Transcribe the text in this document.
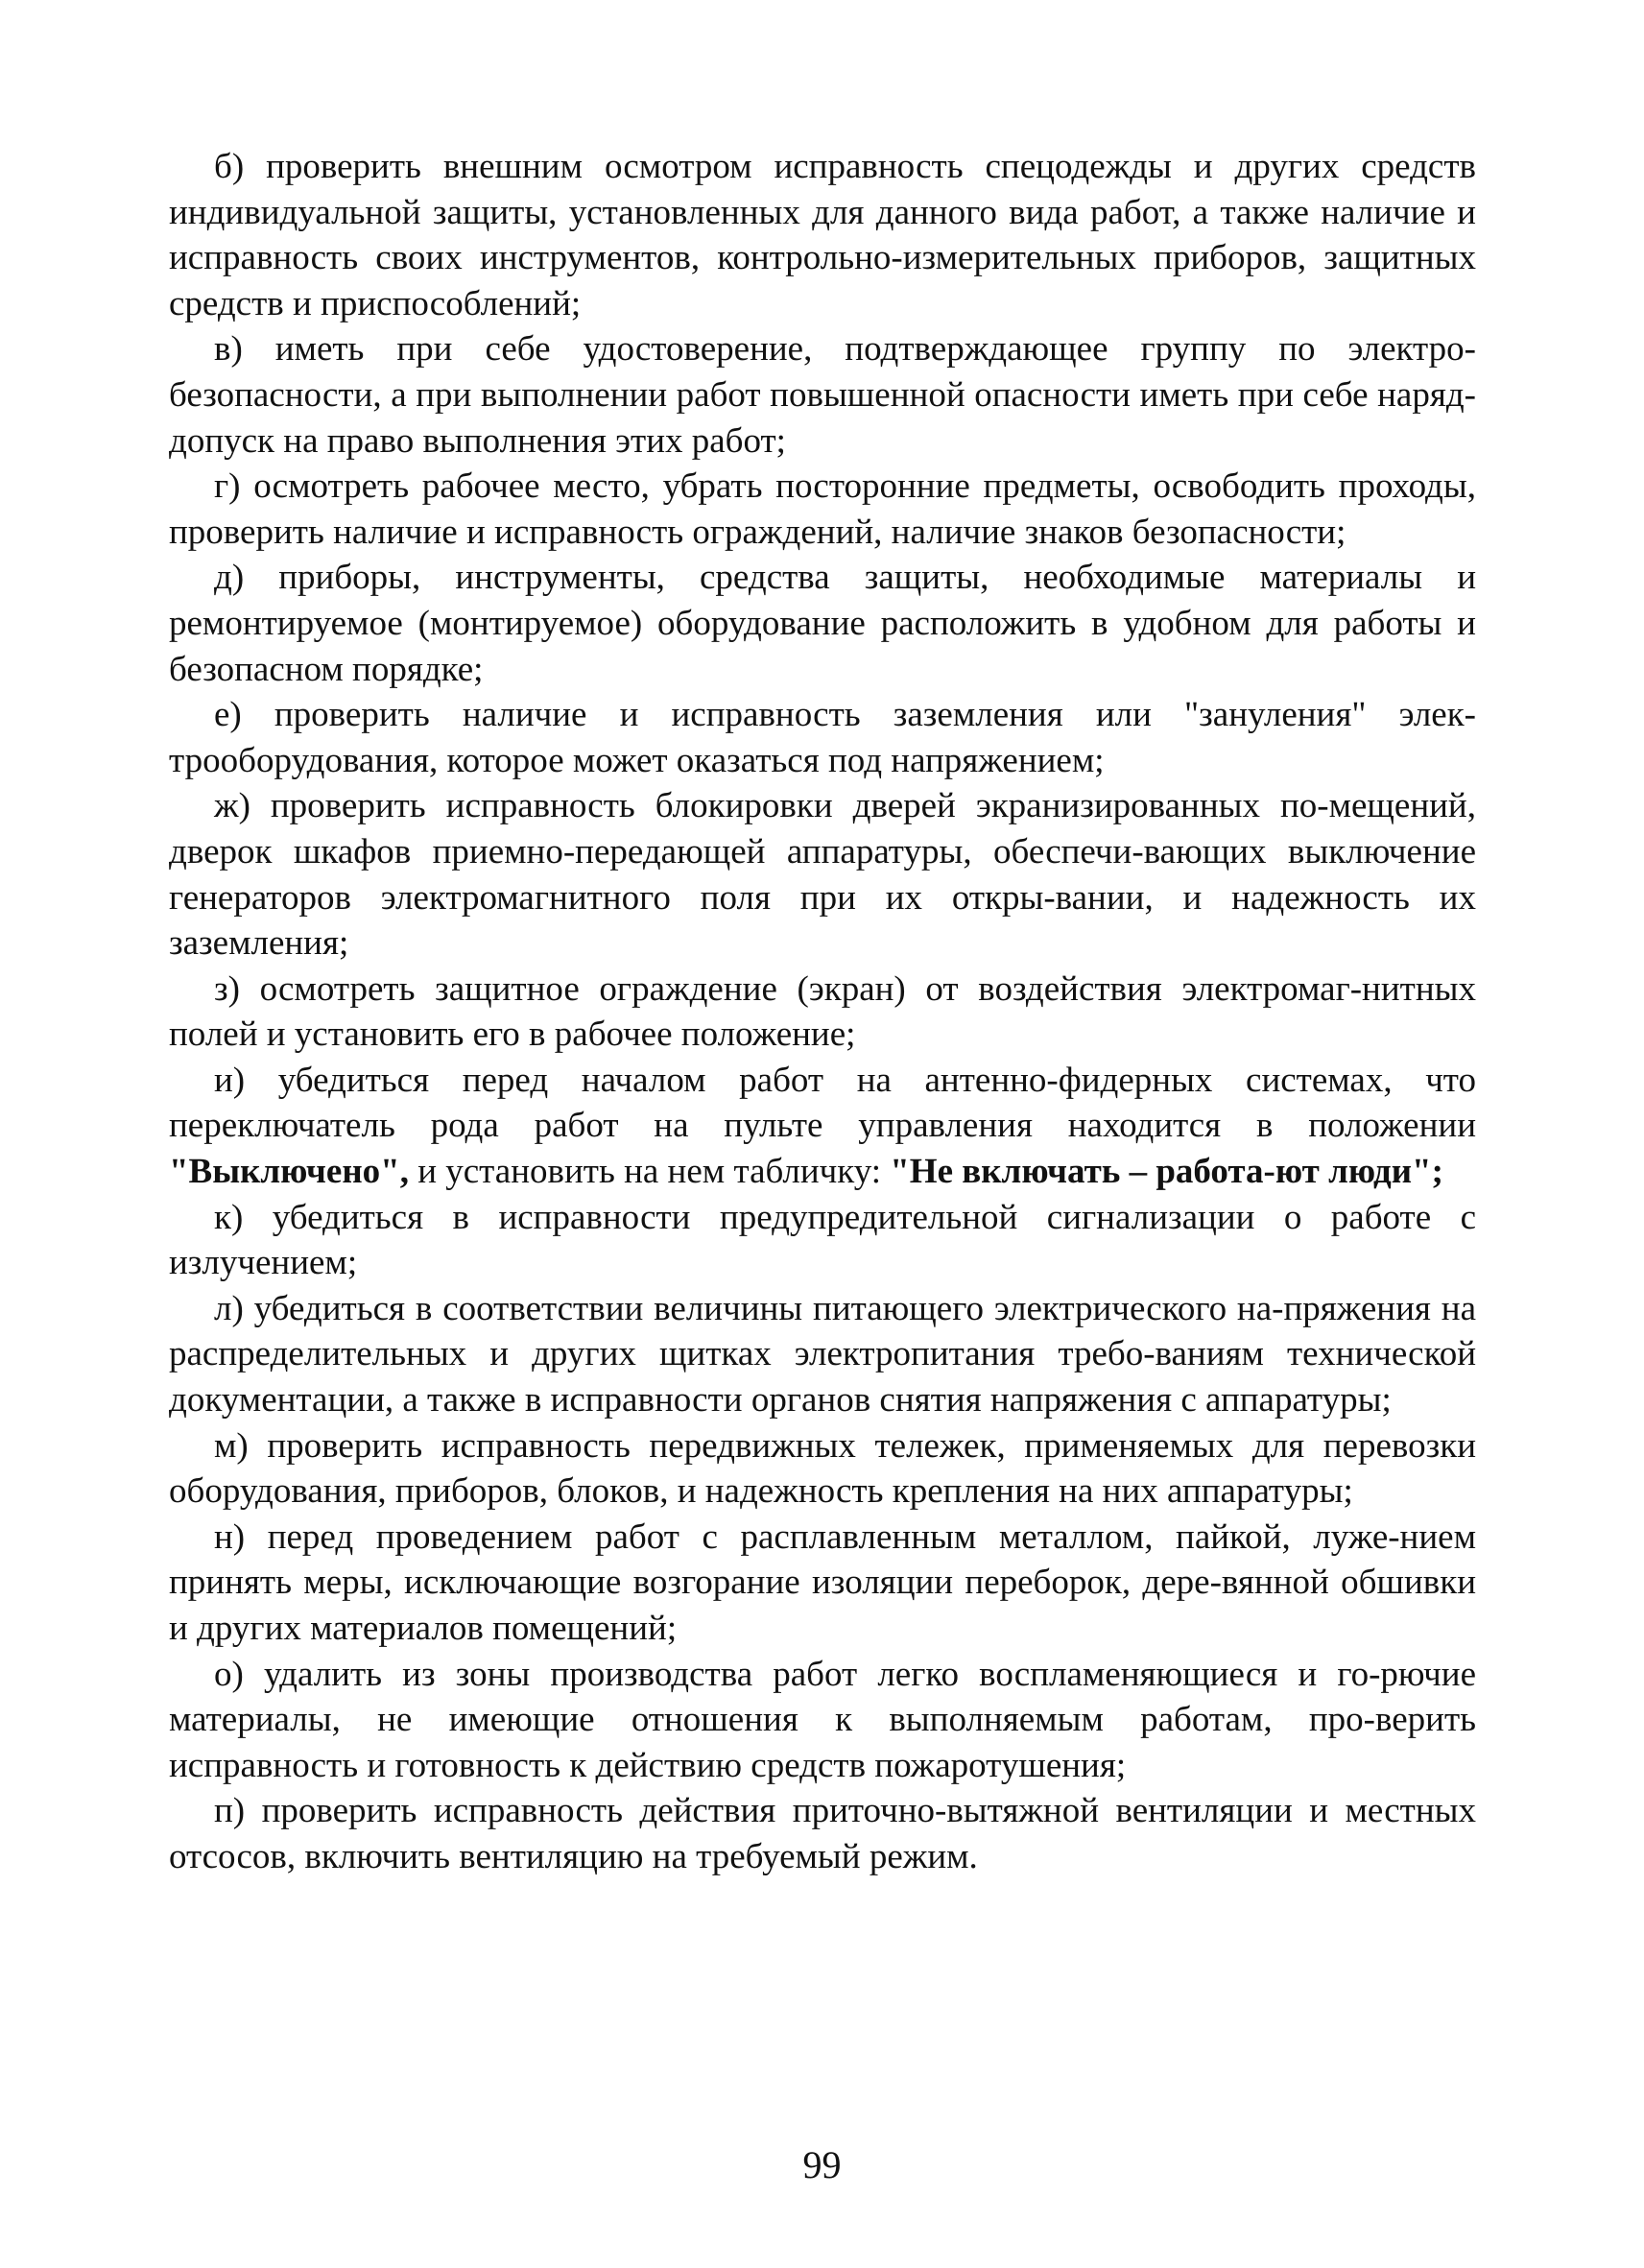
б) проверить внешним осмотром исправность спецодежды и других средств индивидуальной защиты, установленных для данного вида работ, а также наличие и исправность своих инструментов, контрольно-измерительных приборов, защитных средств и приспособлений;

в) иметь при себе удостоверение, подтверждающее группу по электро-безопасности, а при выполнении работ повышенной опасности иметь при себе наряд-допуск на право выполнения этих работ;

г) осмотреть рабочее место, убрать посторонние предметы, освободить проходы, проверить наличие и исправность ограждений, наличие знаков безопасности;

д) приборы, инструменты, средства защиты, необходимые материалы и ремонтируемое (монтируемое) оборудование расположить в удобном для работы и безопасном порядке;

е) проверить наличие и исправность заземления или "зануления" элек-трооборудования, которое может оказаться под напряжением;

ж) проверить исправность блокировки дверей экранизированных по-мещений, дверок шкафов приемно-передающей аппаратуры, обеспечи-вающих выключение генераторов электромагнитного поля при их откры-вании, и надежность их заземления;

з) осмотреть защитное ограждение (экран) от воздействия электромаг-нитных полей и установить его в рабочее положение;

и) убедиться перед началом работ на антенно-фидерных системах, что переключатель рода работ на пульте управления находится в положении "Выключено", и установить на нем табличку: "Не включать – работа-ют люди";

к) убедиться в исправности предупредительной сигнализации о работе с излучением;

л) убедиться в соответствии величины питающего электрического на-пряжения на распределительных и других щитках электропитания требо-ваниям технической документации, а также в исправности органов снятия напряжения с аппаратуры;

м) проверить исправность передвижных тележек, применяемых для перевозки оборудования, приборов, блоков, и надежность крепления на них аппаратуры;

н) перед проведением работ с расплавленным металлом, пайкой, луже-нием принять меры, исключающие возгорание изоляции переборок, дере-вянной обшивки и других материалов помещений;

о) удалить из зоны производства работ легко воспламеняющиеся и го-рючие материалы, не имеющие отношения к выполняемым работам, про-верить исправность и готовность к действию средств пожаротушения;

п) проверить исправность действия приточно-вытяжной вентиляции и местных отсосов, включить вентиляцию на требуемый режим.

99
